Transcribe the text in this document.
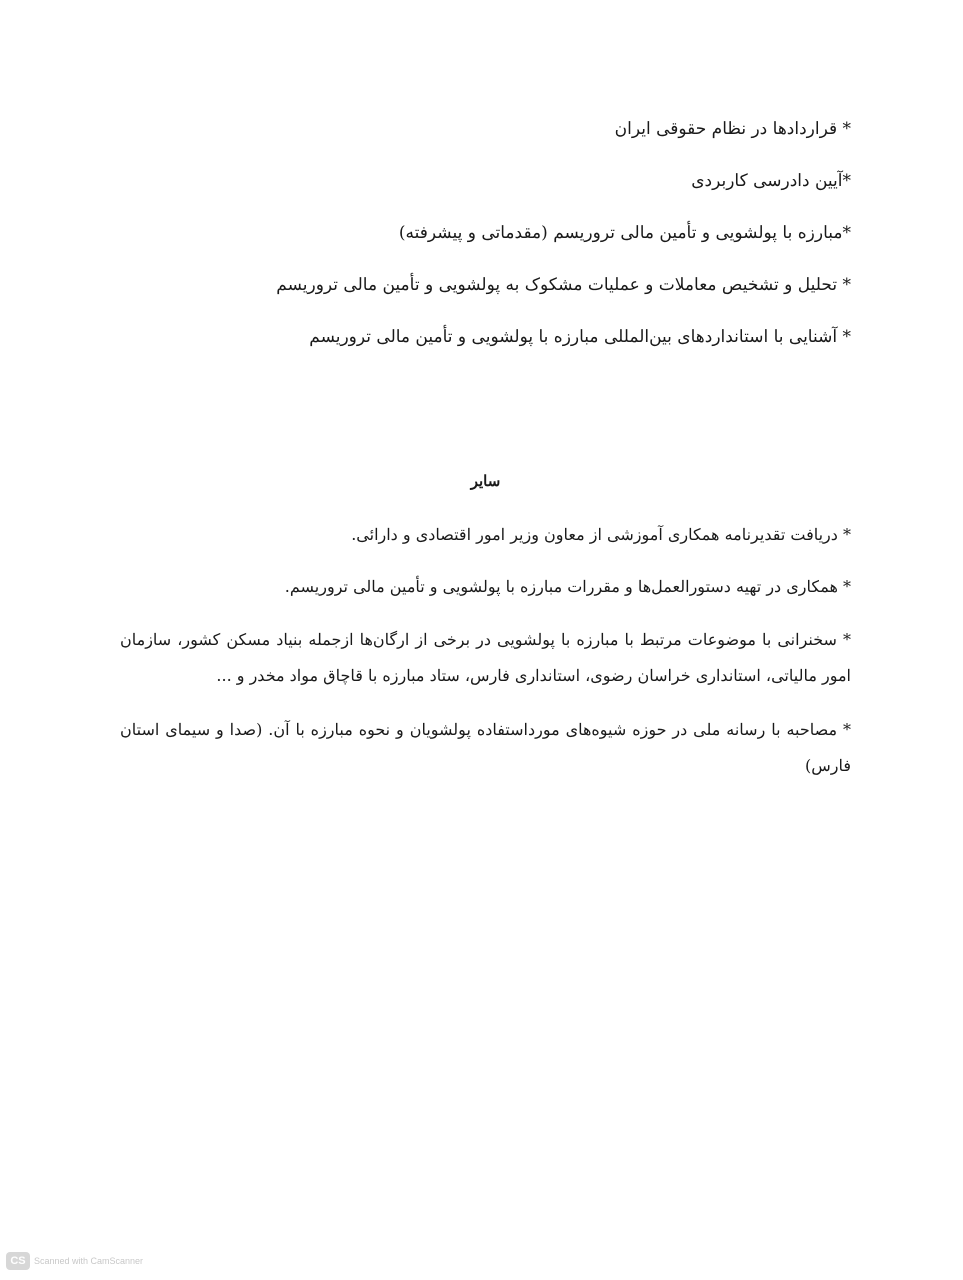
* قراردادها در نظام حقوقی ایران
*آیین دادرسی کاربردی
*مبارزه با پولشویی و تأمین مالی تروریسم (مقدماتی و پیشرفته)
* تحلیل و تشخیص معاملات و عملیات مشکوک به پولشویی و تأمین مالی تروریسم
* آشنایی با استانداردهای بین‌المللی مبارزه با پولشویی و تأمین مالی تروریسم
سایر
* دریافت تقدیرنامه همکاری آموزشی از معاون وزیر امور اقتصادی و دارائی.
* همکاری در تهیه دستورالعمل‌ها و مقررات مبارزه با پولشویی و تأمین مالی تروریسم.
* سخنرانی با موضوعات مرتبط با مبارزه با پولشویی در برخی از ارگان‌ها ازجمله بنیاد مسکن کشور، سازمان امور مالیاتی، استانداری خراسان رضوی، استانداری فارس، ستاد مبارزه با قاچاق مواد مخدر و ...
* مصاحبه با رسانه ملی در حوزه شیوه‌های مورداستفاده پولشویان و نحوه مبارزه با آن. (صدا و سیمای استان فارس)
CS Scanned with CamScanner
